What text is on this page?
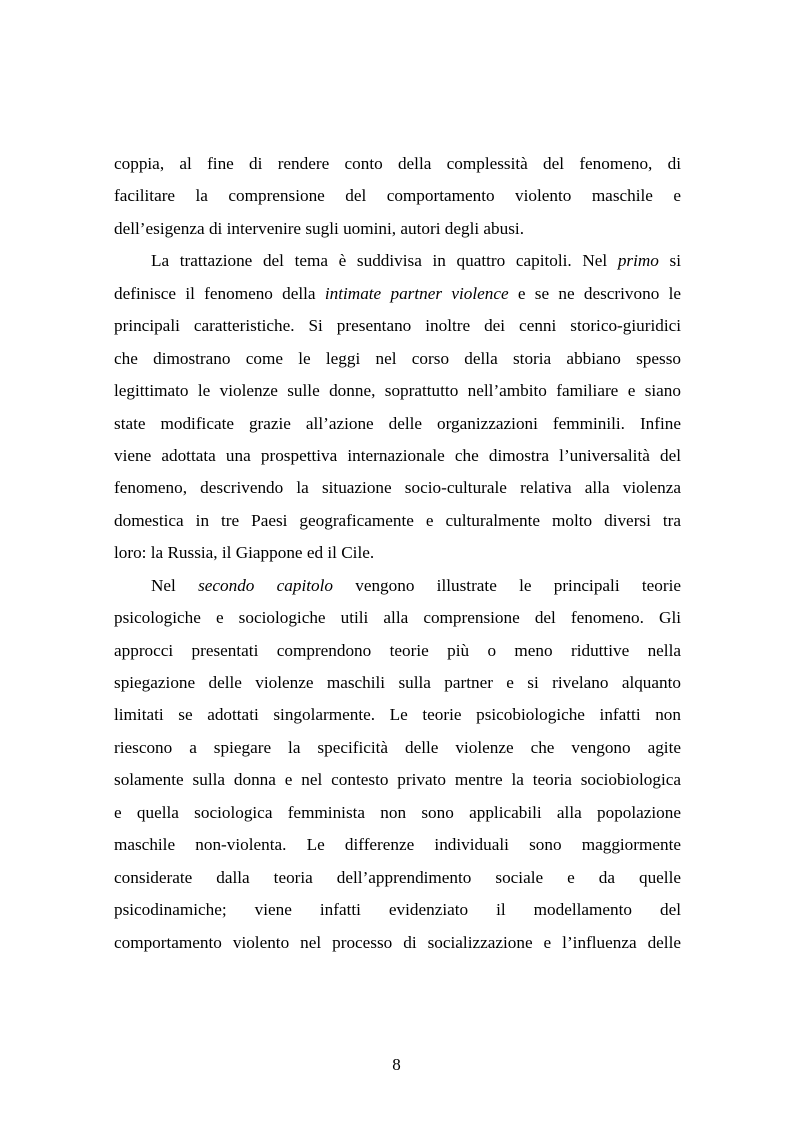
coppia, al fine di rendere conto della complessità del fenomeno, di
facilitare la comprensione del comportamento violento maschile e
dell’esigenza di intervenire sugli uomini, autori degli abusi.
La trattazione del tema è suddivisa in quattro capitoli. Nel primo si
definisce il fenomeno della intimate partner violence e se ne descrivono le
principali caratteristiche. Si presentano inoltre dei cenni storico-giuridici
che dimostrano come le leggi nel corso della storia abbiano spesso
legittimato le violenze sulle donne, soprattutto nell’ambito familiare e siano
state modificate grazie all’azione delle organizzazioni femminili. Infine
viene adottata una prospettiva internazionale che dimostra l’universalità del
fenomeno, descrivendo la situazione socio-culturale relativa alla violenza
domestica in tre Paesi geograficamente e culturalmente molto diversi tra
loro: la Russia, il Giappone ed il Cile.
Nel secondo capitolo vengono illustrate le principali teorie
psicologiche e sociologiche utili alla comprensione del fenomeno. Gli
approcci presentati comprendono teorie più o meno riduttive nella
spiegazione delle violenze maschili sulla partner e si rivelano alquanto
limitati se adottati singolarmente. Le teorie psicobiologiche infatti non
riescono a spiegare la specificità delle violenze che vengono agite
solamente sulla donna e nel contesto privato mentre la teoria sociobiologica
e quella sociologica femminista non sono applicabili alla popolazione
maschile non-violenta. Le differenze individuali sono maggiormente
considerate dalla teoria dell’apprendimento sociale e da quelle
psicodinamiche; viene infatti evidenziato il modellamento del
comportamento violento nel processo di socializzazione e l’influenza delle
8
